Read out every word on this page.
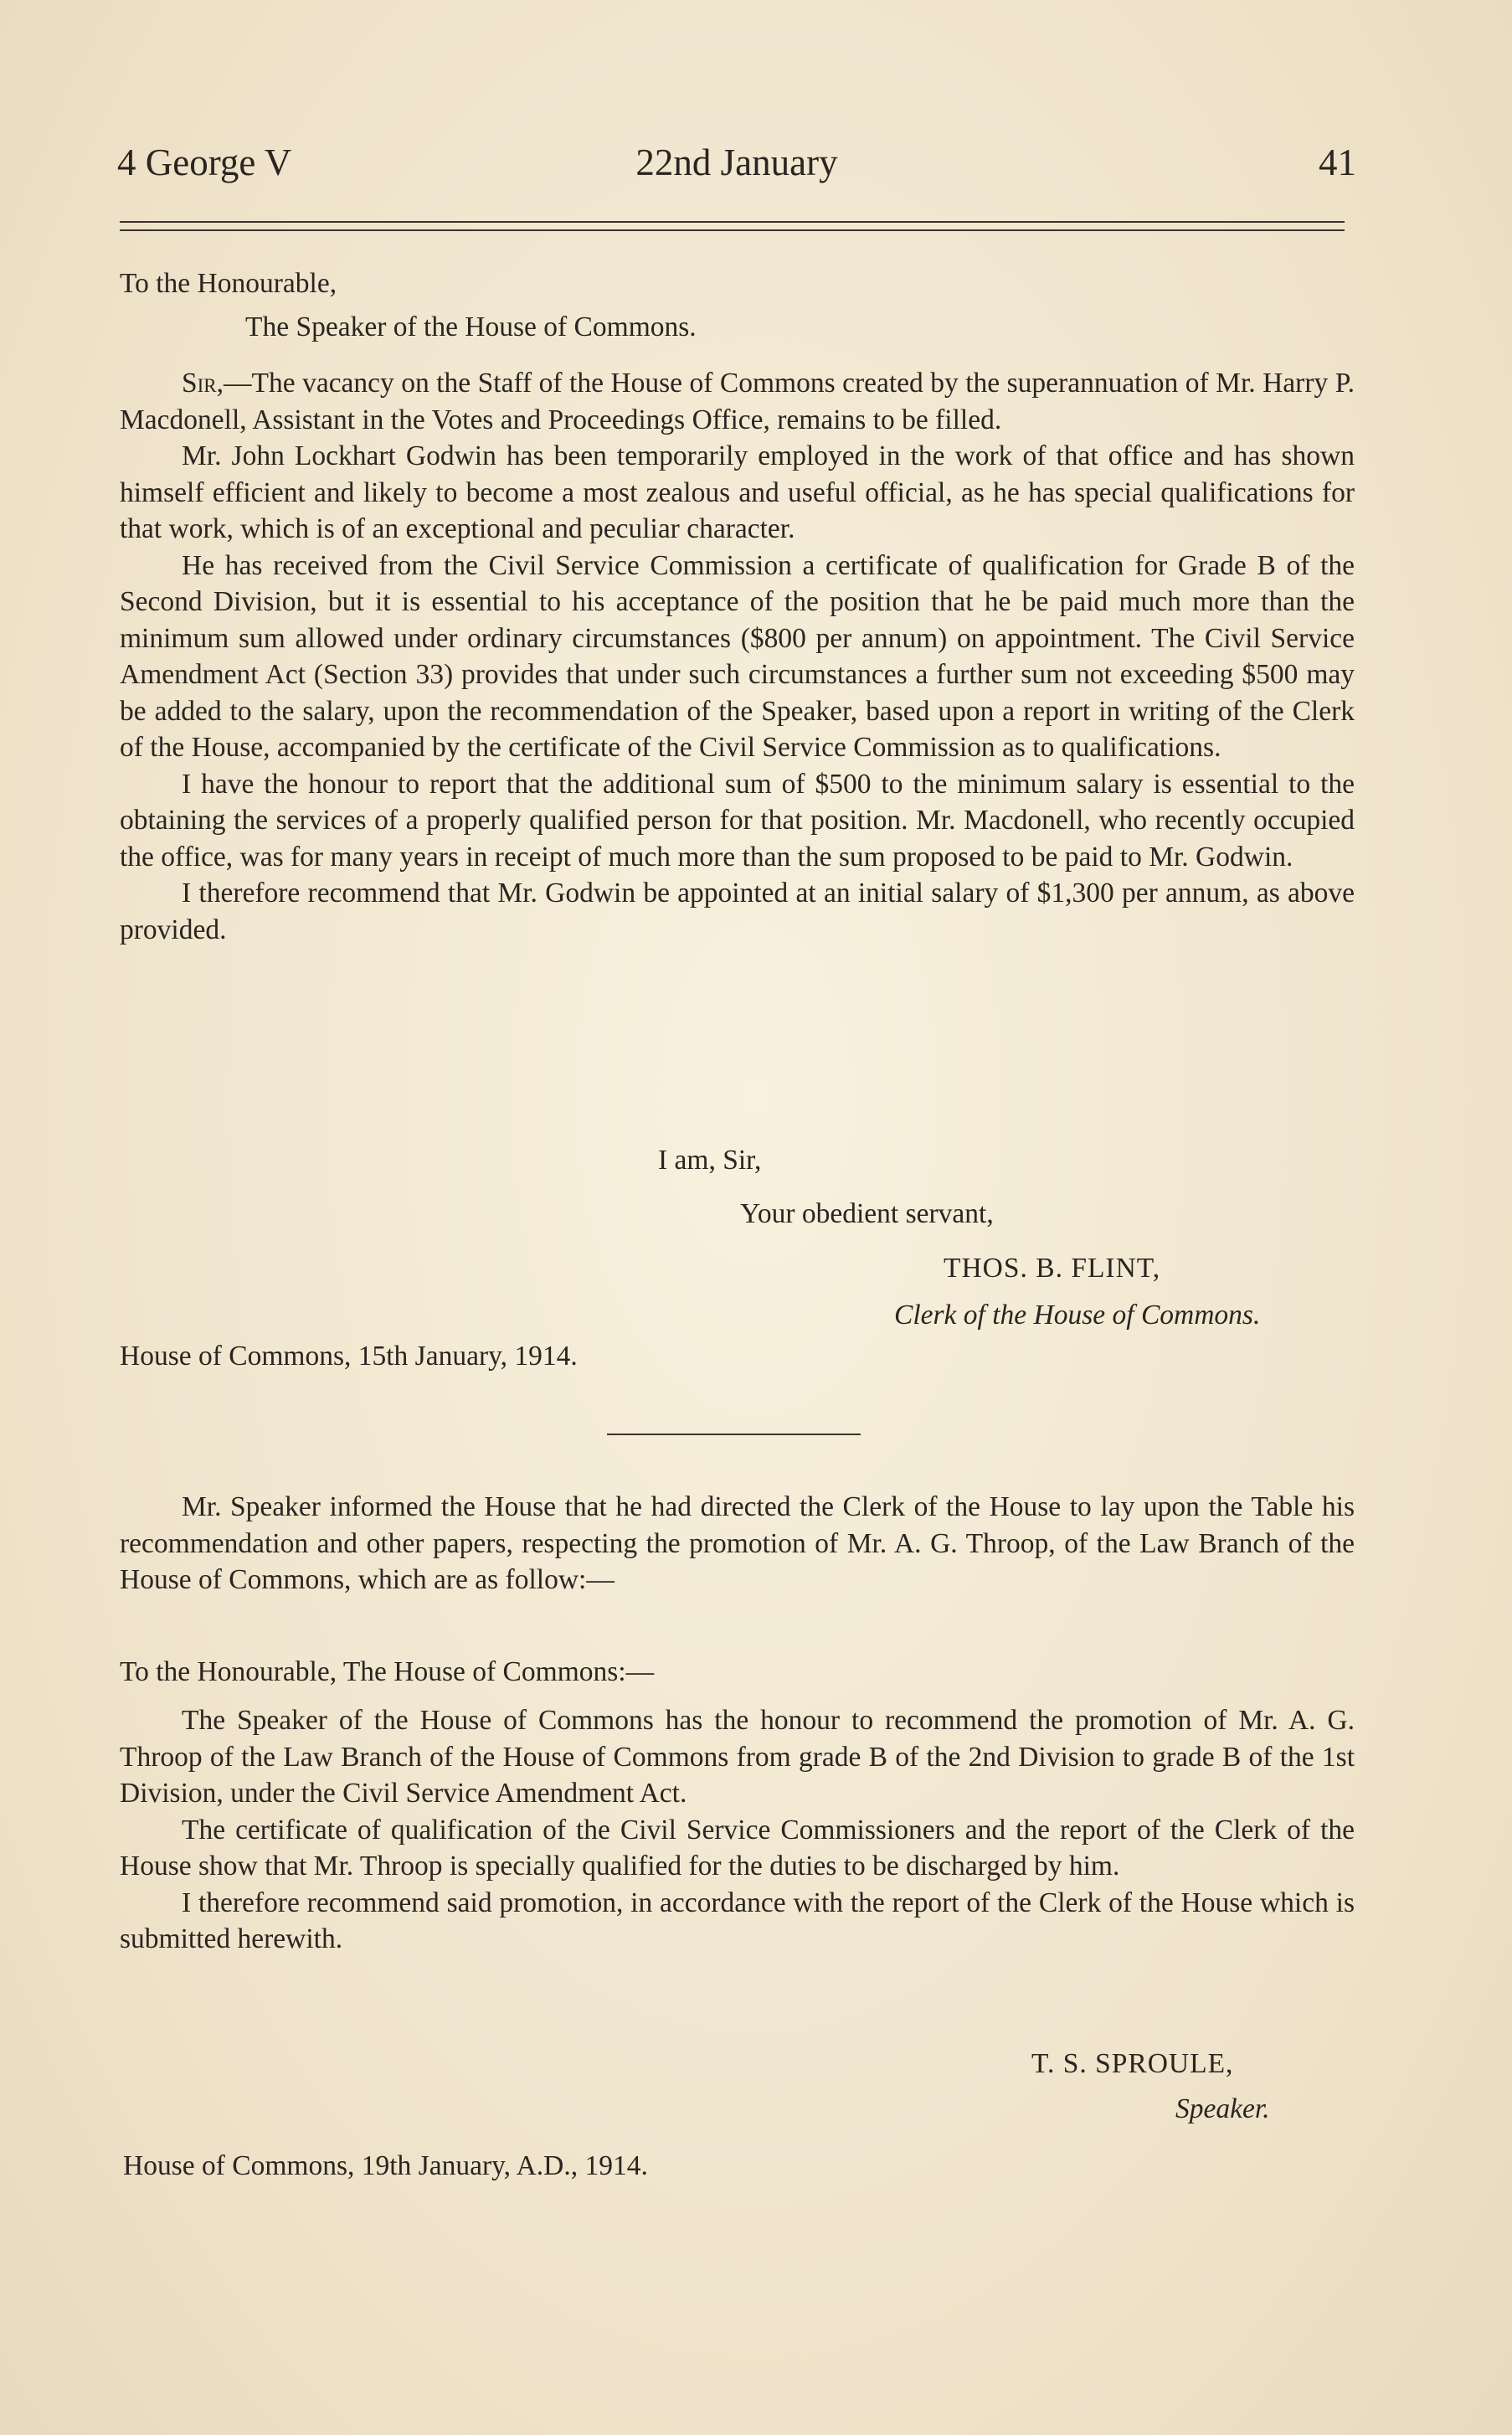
4 George V	22nd January	41
To the Honourable,
The Speaker of the House of Commons.

Sir,—The vacancy on the Staff of the House of Commons created by the superannuation of Mr. Harry P. Macdonell, Assistant in the Votes and Proceedings Office, remains to be filled.

Mr. John Lockhart Godwin has been temporarily employed in the work of that office and has shown himself efficient and likely to become a most zealous and useful official, as he has special qualifications for that work, which is of an exceptional and peculiar character.

He has received from the Civil Service Commission a certificate of qualification for Grade B of the Second Division, but it is essential to his acceptance of the position that he be paid much more than the minimum sum allowed under ordinary circumstances ($800 per annum) on appointment. The Civil Service Amendment Act (Section 33) provides that under such circumstances a further sum not exceeding $500 may be added to the salary, upon the recommendation of the Speaker, based upon a report in writing of the Clerk of the House, accompanied by the certificate of the Civil Service Commission as to qualifications.

I have the honour to report that the additional sum of $500 to the minimum salary is essential to the obtaining the services of a properly qualified person for that position. Mr. Macdonell, who recently occupied the office, was for many years in receipt of much more than the sum proposed to be paid to Mr. Godwin.

I therefore recommend that Mr. Godwin be appointed at an initial salary of $1,300 per annum, as above provided.

I am, Sir,
Your obedient servant,
THOS. B. FLINT,
Clerk of the House of Commons.
House of Commons, 15th January, 1914.

Mr. Speaker informed the House that he had directed the Clerk of the House to lay upon the Table his recommendation and other papers, respecting the promotion of Mr. A. G. Throop, of the Law Branch of the House of Commons, which are as follow:—

To the Honourable, The House of Commons:—

The Speaker of the House of Commons has the honour to recommend the promotion of Mr. A. G. Throop of the Law Branch of the House of Commons from grade B of the 2nd Division to grade B of the 1st Division, under the Civil Service Amendment Act.

The certificate of qualification of the Civil Service Commissioners and the report of the Clerk of the House show that Mr. Throop is specially qualified for the duties to be discharged by him.

I therefore recommend said promotion, in accordance with the report of the Clerk of the House which is submitted herewith.

T. S. SPROULE,
Speaker.
House of Commons, 19th January, A.D., 1914.
